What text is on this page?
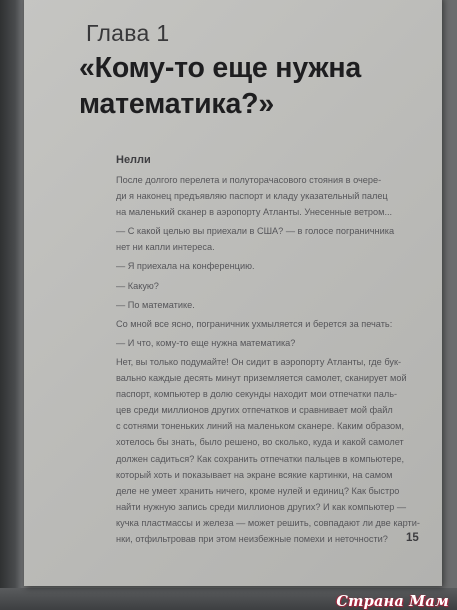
Глава 1
«Кому-то еще нужна
математика?»
Нелли

После долгого перелета и полуторачасового стояния в очере-
ди я наконец предъявляю паспорт и кладу указательный палец
на маленький сканер в аэропорту Атланты. Унесенные ветром...

— С какой целью вы приехали в США? — в голосе пограничника
нет ни капли интереса.

— Я приехала на конференцию.

— Какую?

— По математике.

Со мной все ясно, пограничник ухмыляется и берется за печать:

— И что, кому-то еще нужна математика?

Нет, вы только подумайте! Он сидит в аэропорту Атланты, где бук-
вально каждые десять минут приземляется самолет, сканирует мой
паспорт, компьютер в долю секунды находит мои отпечатки паль-
цев среди миллионов других отпечатков и сравнивает мой файл
с сотнями тоненьких линий на маленьком сканере. Каким образом,
хотелось бы знать, было решено, во сколько, куда и какой самолет
должен садиться? Как сохранить отпечатки пальцев в компьютере,
который хоть и показывает на экране всякие картинки, на самом
деле не умеет хранить ничего, кроме нулей и единиц? Как быстро
найти нужную запись среди миллионов других? И как компьютер —
кучка пластмассы и железа — может решить, совпадают ли две карти-
нки, отфильтровав при этом неизбежные помехи и неточности?	15
Страна Мам
